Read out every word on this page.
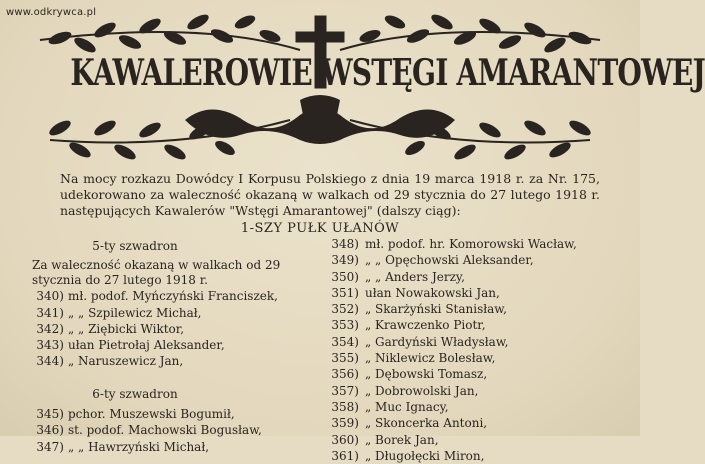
www.odkrywca.pl
KAWALEROWIE WSTĘGI AMARANTOWEJ

Na mocy rozkazu Dowódcy I Korpusu Polskiego z dnia 19 marca 1918 r. za Nr. 175, udekorowano za waleczność okazaną w walkach od 29 stycznia do 27 lutego 1918 r. następujących Kawalerów "Wstęgi Amarantowej" (dalszy ciąg):

1-SZY PUŁK UŁANÓW
5-ty szwadron
Za waleczność okazaną w walkach od 29 stycznia do 27 lutego 1918 r.
340) mł. podof. Myńczyński Franciszek,
341) „ „ Szpilewicz Michał,
342) „ „ Ziębicki Wiktor,
343) ułan Pietrołaj Aleksander,
344) „ Naruszewicz Jan,
6-ty szwadron
345) pchor. Muszewski Bogumił,
346) st. podof. Machowski Bogusław,
347) „ „ Hawrzyński Michał,
348) mł. podof. hr. Komorowski Wacław,
349) „ „ Opęchowski Aleksander,
350) „ „ Anders Jerzy,
351) ułan Nowakowski Jan,
352) „ Skarżyński Stanisław,
353) „ Krawczenko Piotr,
354) „ Gardyński Władysław,
355) „ Niklewicz Bolesław,
356) „ Dębowski Tomasz,
357) „ Dobrowolski Jan,
358) „ Muc Ignacy,
359) „ Skoncerka Antoni,
360) „ Borek Jan,
361) „ Długołęcki Miron,
